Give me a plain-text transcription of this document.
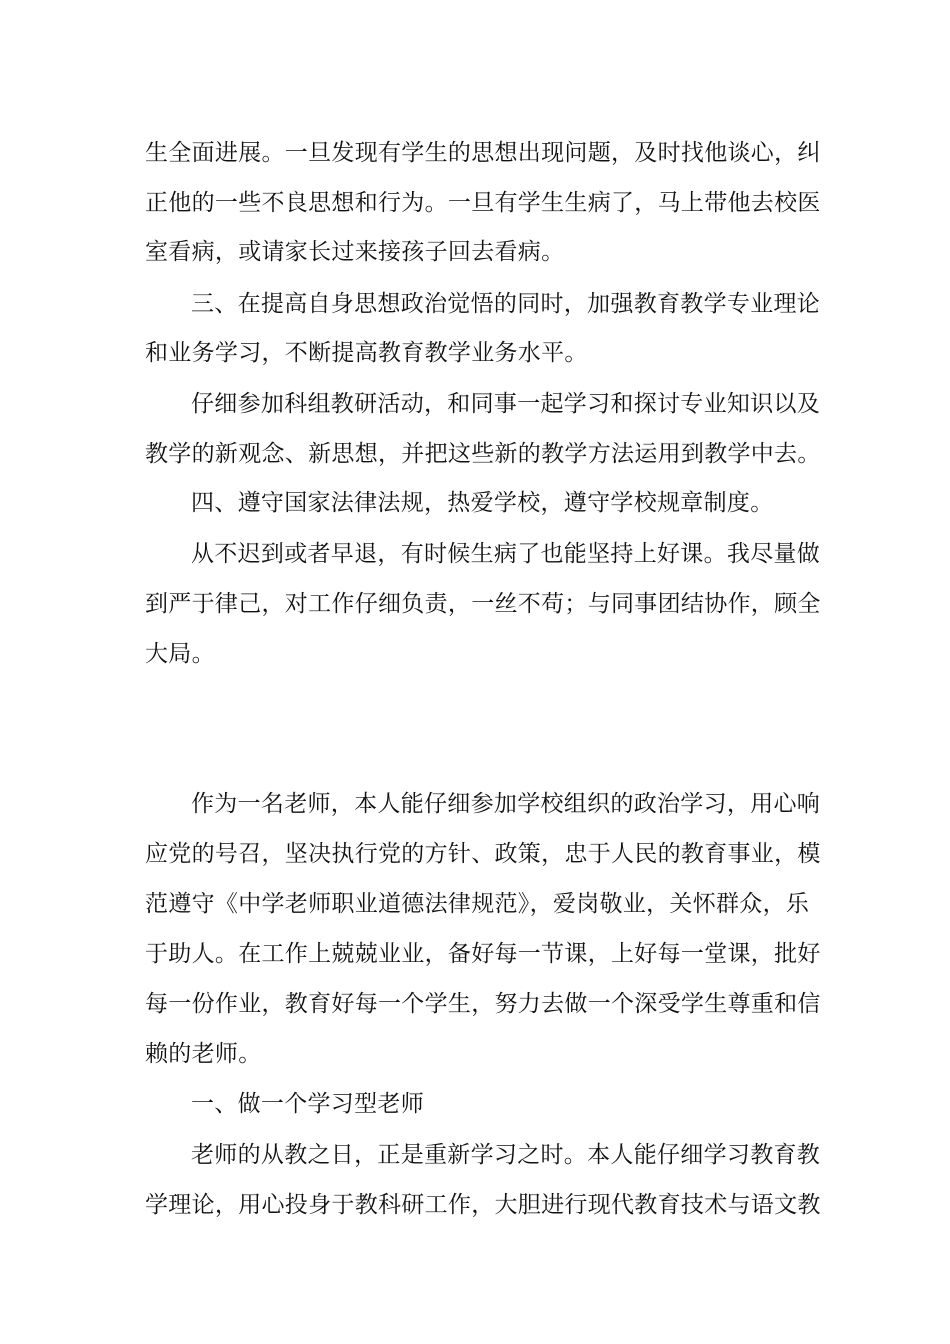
生全面进展。一旦发现有学生的思想出现问题，及时找他谈心，纠
正他的一些不良思想和行为。一旦有学生生病了，马上带他去校医
室看病，或请家长过来接孩子回去看病。
三、在提高自身思想政治觉悟的同时，加强教育教学专业理论
和业务学习，不断提高教育教学业务水平。
仔细参加科组教研活动，和同事一起学习和探讨专业知识以及
教学的新观念、新思想，并把这些新的教学方法运用到教学中去。
四、遵守国家法律法规，热爱学校，遵守学校规章制度。
从不迟到或者早退，有时候生病了也能坚持上好课。我尽量做
到严于律己，对工作仔细负责，一丝不苟；与同事团结协作，顾全
大局。
作为一名老师，本人能仔细参加学校组织的政治学习，用心响
应党的号召，坚决执行党的方针、政策，忠于人民的教育事业，模
范遵守《中学老师职业道德法律规范》，爱岗敬业，关怀群众，乐
于助人。在工作上兢兢业业，备好每一节课，上好每一堂课，批好
每一份作业，教育好每一个学生，努力去做一个深受学生尊重和信
赖的老师。
一、做一个学习型老师
老师的从教之日，正是重新学习之时。本人能仔细学习教育教
学理论，用心投身于教科研工作，大胆进行现代教育技术与语文教
